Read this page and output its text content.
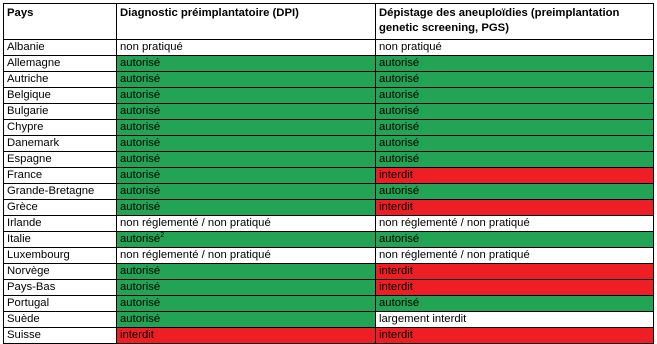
Pays	Diagnostic préimplantatoire (DPI)	Dépistage des aneuploïdies (preimplantation genetic screening, PGS)
Albanie	non pratiqué	non pratiqué
Allemagne	autorisé	autorisé
Autriche	autorisé	autorisé
Belgique	autorisé	autorisé
Bulgarie	autorisé	autorisé
Chypre	autorisé	autorisé
Danemark	autorisé	autorisé
Espagne	autorisé	autorisé
France	autorisé	interdit
Grande-Bretagne	autorisé	autorisé
Grèce	autorisé	interdit
Irlande	non réglementé / non pratiqué	non réglementé / non pratiqué
Italie	autorisé$^2$	autorisé
Luxembourg	non réglementé / non pratiqué	non réglementé / non pratiqué
Norvège	autorisé	interdit
Pays-Bas	autorisé	interdit
Portugal	autorisé	autorisé
Suède	autorisé	largement interdit
Suisse	interdit	interdit
